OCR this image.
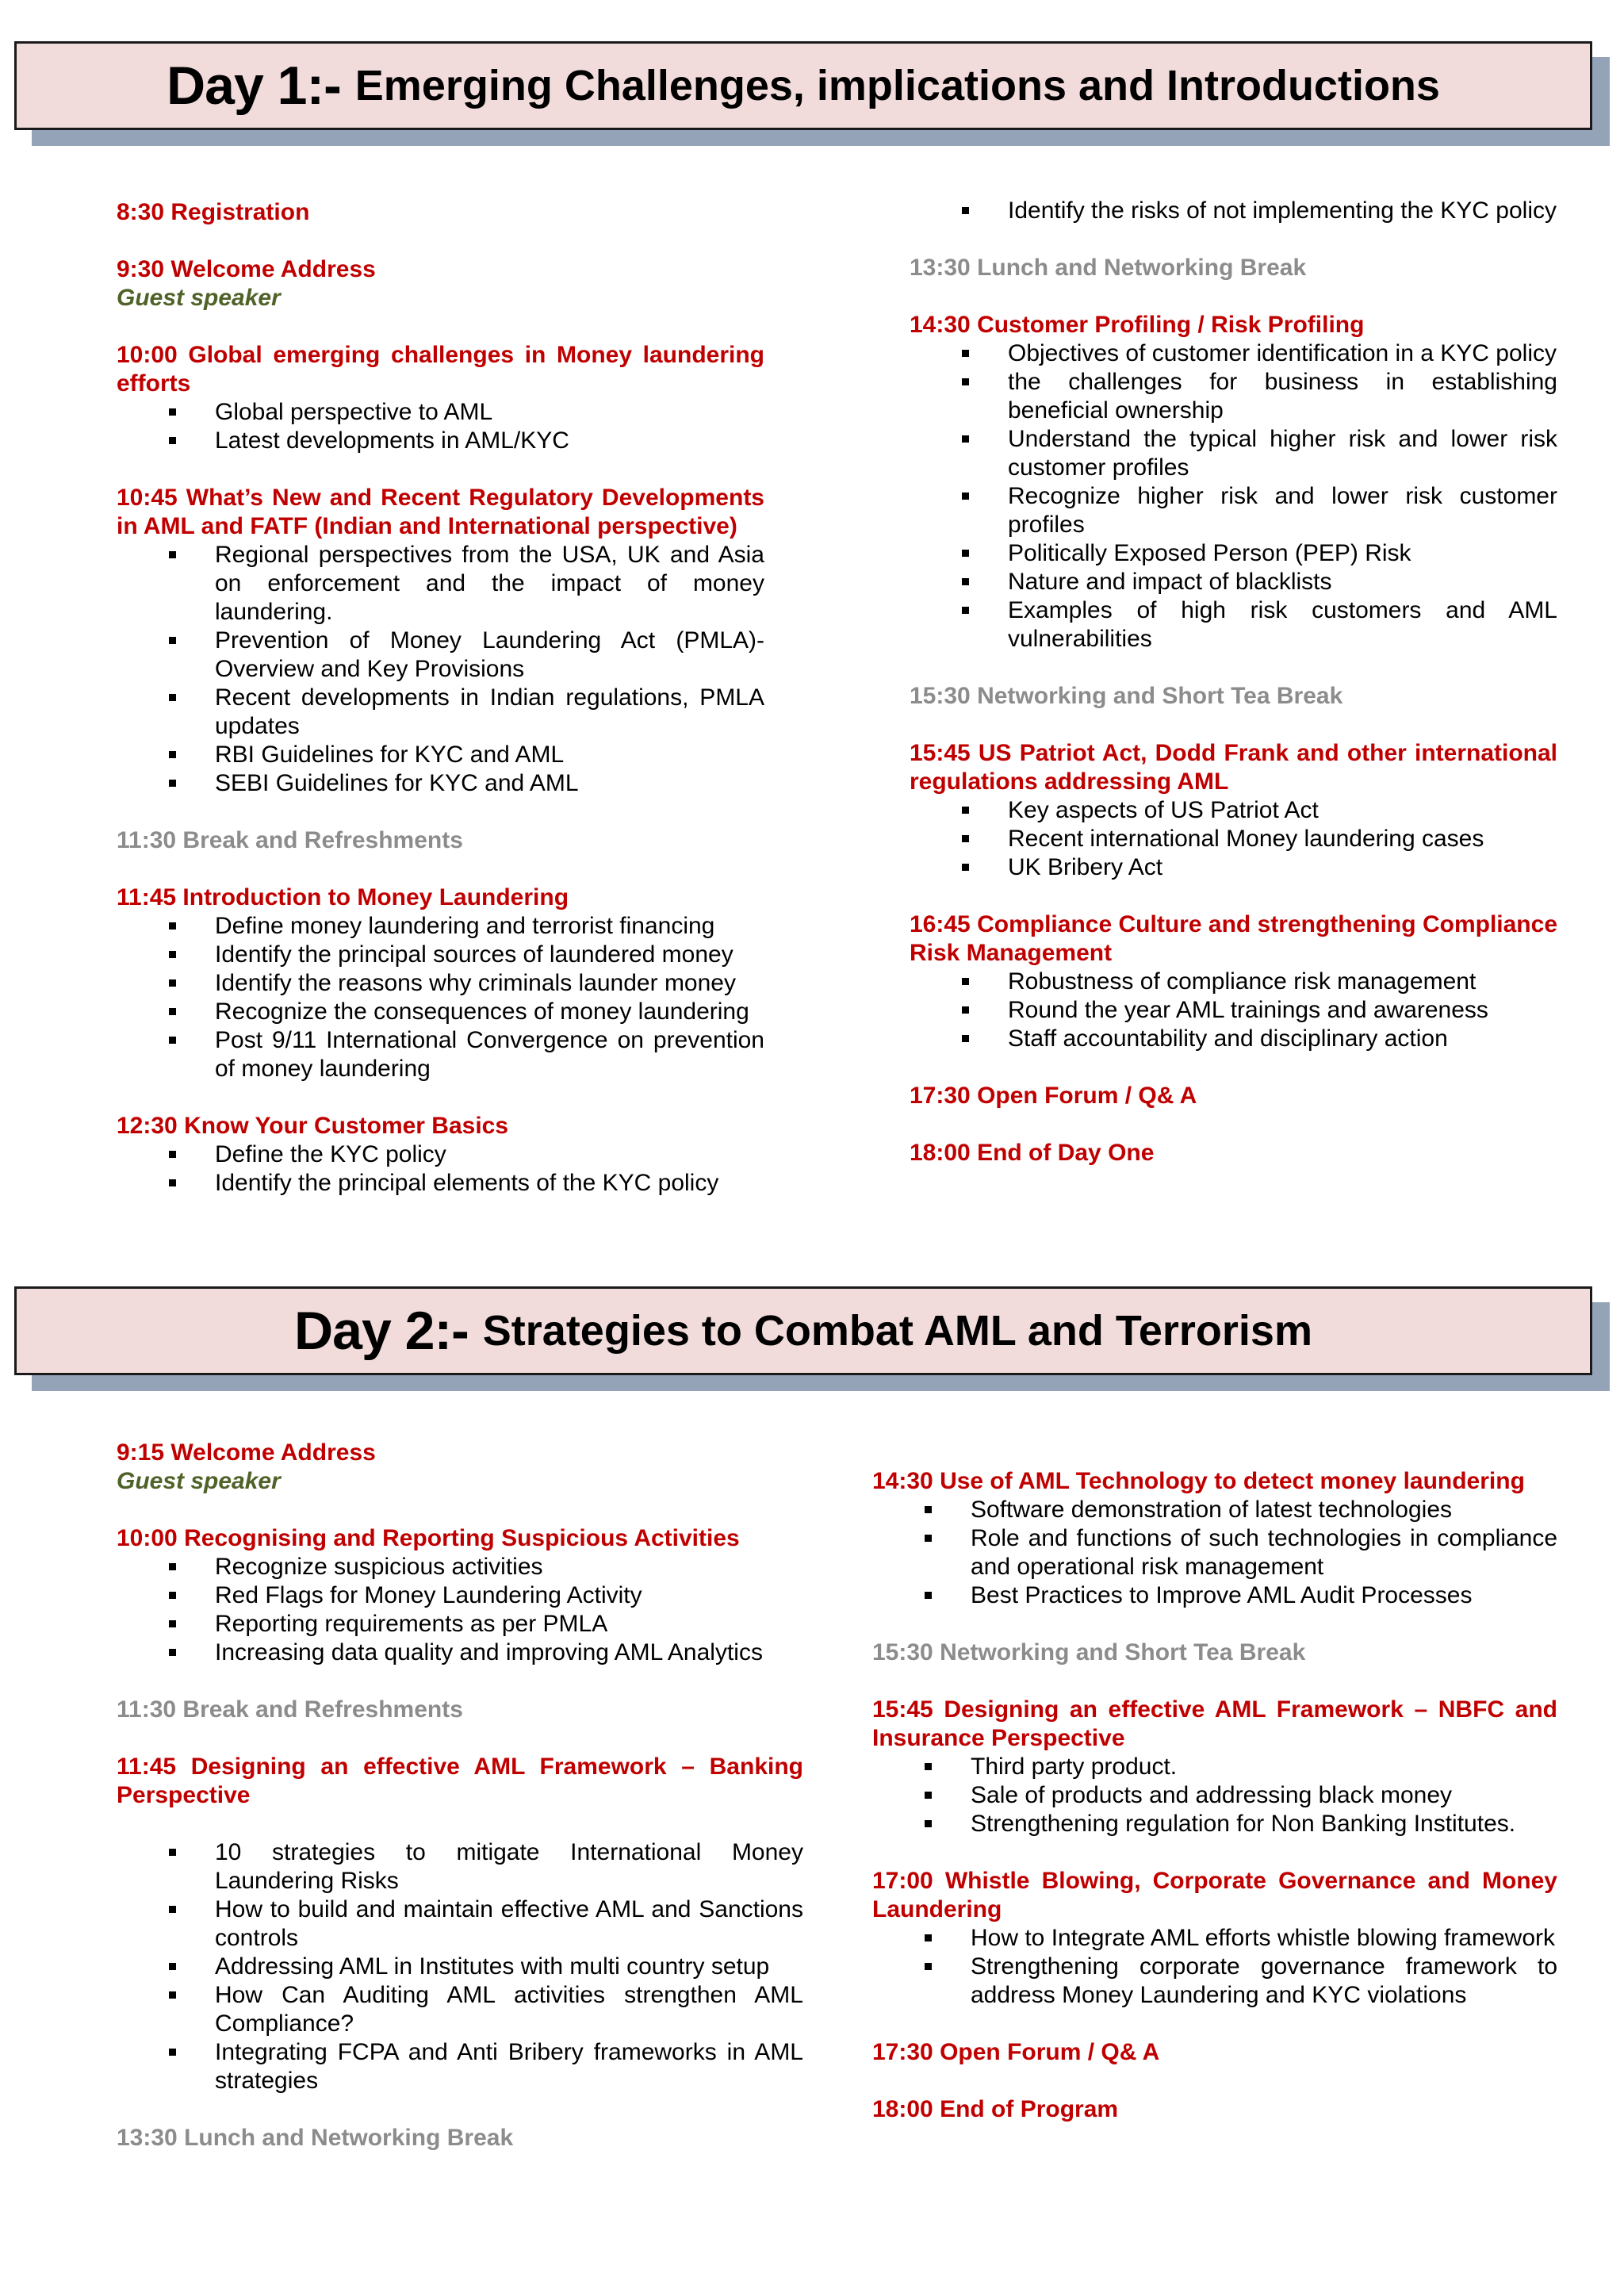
Day 1:- Emerging Challenges, implications and Introductions
8:30 Registration
9:30 Welcome Address
Guest speaker
10:00 Global emerging challenges in Money laundering efforts
Global perspective to AML
Latest developments in AML/KYC
10:45 What’s New and Recent Regulatory Developments in AML and FATF (Indian and International perspective)
Regional perspectives from the USA, UK and Asia on enforcement and the impact of money laundering.
Prevention of Money Laundering Act (PMLA)- Overview and Key Provisions
Recent developments in Indian regulations, PMLA updates
RBI Guidelines for KYC and AML
SEBI Guidelines for KYC and AML
11:30 Break and Refreshments
11:45 Introduction to Money Laundering
Define money laundering and terrorist financing
Identify the principal sources of laundered money
Identify the reasons why criminals launder money
Recognize the consequences of money laundering
Post 9/11 International Convergence on prevention of money laundering
12:30 Know Your Customer Basics
Define the KYC policy
Identify the principal elements of the KYC policy
Identify the risks of not implementing the KYC policy
13:30 Lunch and Networking Break
14:30 Customer Profiling / Risk Profiling
Objectives of customer identification in a KYC policy
the challenges for business in establishing beneficial ownership
Understand the typical higher risk and lower risk customer profiles
Recognize higher risk and lower risk customer profiles
Politically Exposed Person (PEP) Risk
Nature and impact of blacklists
Examples of high risk customers and AML vulnerabilities
15:30 Networking and Short Tea Break
15:45 US Patriot Act, Dodd Frank and other international regulations addressing AML
Key aspects of US Patriot Act
Recent international Money laundering cases
UK Bribery Act
16:45 Compliance Culture and strengthening Compliance Risk Management
Robustness of compliance risk management
Round the year AML trainings and awareness
Staff accountability and disciplinary action
17:30 Open Forum / Q& A
18:00 End of Day One
Day 2:- Strategies to Combat AML and Terrorism
9:15 Welcome Address
Guest speaker
10:00 Recognising and Reporting Suspicious Activities
Recognize suspicious activities
Red Flags for Money Laundering Activity
Reporting requirements as per PMLA
Increasing data quality and improving AML Analytics
11:30 Break and Refreshments
11:45 Designing an effective AML Framework – Banking Perspective
10 strategies to mitigate International Money Laundering Risks
How to build and maintain effective AML and Sanctions controls
Addressing AML in Institutes with multi country setup
How Can Auditing AML activities strengthen AML Compliance?
Integrating FCPA and Anti Bribery frameworks in AML strategies
13:30 Lunch and Networking Break
14:30 Use of AML Technology to detect money laundering
Software demonstration of latest technologies
Role and functions of such technologies in compliance and operational risk management
Best Practices to Improve AML Audit Processes
15:30 Networking and Short Tea Break
15:45 Designing an effective AML Framework – NBFC and Insurance Perspective
Third party product.
Sale of products and addressing black money
Strengthening regulation for Non Banking Institutes.
17:00 Whistle Blowing, Corporate Governance and Money Laundering
How to Integrate AML efforts whistle blowing framework
Strengthening corporate governance framework to address Money Laundering and KYC violations
17:30 Open Forum / Q& A
18:00 End of Program
